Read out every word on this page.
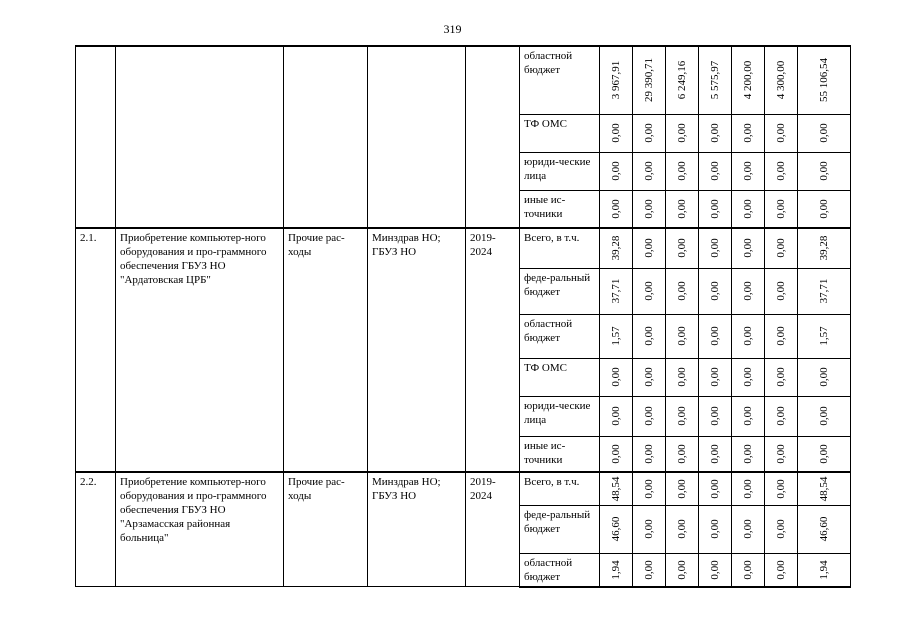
319
					областной бюджет	3 967,91	29 390,71	6 249,16	5 575,97	4 200,00	4 300,00	55 106,54

					ТФ ОМС	0,00	0,00	0,00	0,00	0,00	0,00	0,00

					юриди-ческие лица	0,00	0,00	0,00	0,00	0,00	0,00	0,00

					иные ис-точники	0,00	0,00	0,00	0,00	0,00	0,00	0,00

2.1.	Приобретение компьютер-ного оборудования и про-граммного обеспечения ГБУЗ НО "Ардатовская ЦРБ"	Прочие рас-ходы	Минздрав НО; ГБУЗ НО	2019-2024	Всего, в т.ч.	39,28	0,00	0,00	0,00	0,00	0,00	39,28

					феде-ральный бюджет	37,71	0,00	0,00	0,00	0,00	0,00	37,71

					областной бюджет	1,57	0,00	0,00	0,00	0,00	0,00	1,57

					ТФ ОМС	0,00	0,00	0,00	0,00	0,00	0,00	0,00

					юриди-ческие лица	0,00	0,00	0,00	0,00	0,00	0,00	0,00

					иные ис-точники	0,00	0,00	0,00	0,00	0,00	0,00	0,00

2.2.	Приобретение компьютер-ного оборудования и про-граммного обеспечения ГБУЗ НО "Арзамасская районная больница"	Прочие рас-ходы	Минздрав НО; ГБУЗ НО	2019-2024	Всего, в т.ч.	48,54	0,00	0,00	0,00	0,00	0,00	48,54

					феде-ральный бюджет	46,60	0,00	0,00	0,00	0,00	0,00	46,60

					областной бюджет	1,94	0,00	0,00	0,00	0,00	0,00	1,94
